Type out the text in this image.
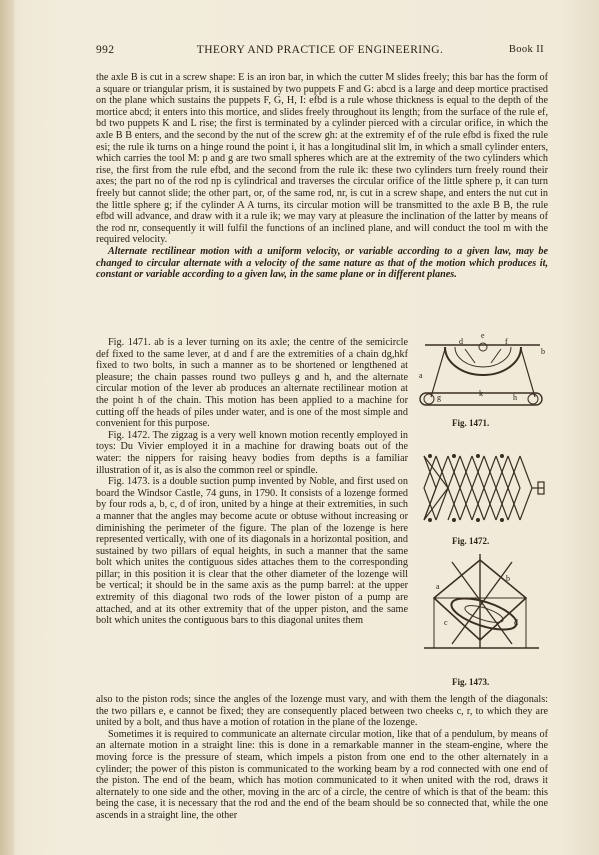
992	THEORY AND PRACTICE OF ENGINEERING.	Book II

the axle B is cut in a screw shape: E is an iron bar, in which the cutter M slides freely; this bar has the form of a square or triangular prism, it is sustained by two puppets F and G: abcd is a large and deep mortice practised on the plane which sustains the puppets F, G, H, I: efbd is a rule whose thickness is equal to the depth of the mortice abcd; it enters into this mortice, and slides freely throughout its length; from the surface of the rule ef, bd two puppets K and L rise; the first is terminated by a cylinder pierced with a circular orifice, in which the axle B B enters, and the second by the nut of the screw gh: at the extremity ef of the rule efbd is fixed the rule esi; the rule ik turns on a hinge round the point i, it has a longitudinal slit lm, in which a small cylinder enters, which carries the tool M: p and g are two small spheres which are at the extremity of the two cylinders which rise, the first from the rule efbd, and the second from the rule ik: these two cylinders turn freely round their axes; the part no of the rod np is cylindrical and traverses the circular orifice of the little sphere p, it can turn freely but cannot slide; the other part, or, of the same rod, nr, is cut in a screw shape, and enters the nut cut in the little sphere g; if the cylinder A A turns, its circular motion will be transmitted to the axle B B, the rule efbd will advance, and draw with it a rule ik; we may vary at pleasure the inclination of the latter by means of the rod nr, consequently it will fulfil the functions of an inclined plane, and will conduct the tool m with the required velocity.

Alternate rectilinear motion with a uniform velocity, or variable according to a given law, may be changed to circular alternate with a velocity of the same nature as that of the motion which produces it, constant or variable according to a given law, in the same plane or in different planes.

Fig. 1471. ab is a lever turning on its axle; the centre of the semicircle def fixed to the same lever, at d and f are the extremities of a chain dg,hkf fixed to two bolts, in such a manner as to be shortened or lengthened at pleasure; the chain passes round two pulleys g and h, and the alternate circular motion of the lever ab produces an alternate rectilinear motion at the point h of the chain. This motion has been applied to a machine for cutting off the heads of piles under water, and is one of the most simple and convenient for this purpose.

Fig. 1472. The zigzag is a very well known motion recently employed in toys: Du Vivier employed it in a machine for drawing boats out of the water: the nippers for raising heavy bodies from depths is a familiar illustration of it, as is also the common reel or spindle.

Fig. 1473. is a double suction pump invented by Noble, and first used on board the Windsor Castle, 74 guns, in 1790. It consists of a lozenge formed by four rods a, b, c, d of iron, united by a hinge at their extremities, in such a manner that the angles may become acute or obtuse without increasing or diminishing the perimeter of the figure. The plan of the lozenge is here represented vertically, with one of its diagonals in a horizontal position, and sustained by two pillars of equal heights, in such a manner that the same bolt which unites the contiguous sides attaches them to the corresponding pillar; in this position it is clear that the other diameter of the lozenge will be vertical; it should be in the same axis as the pump barrel: at the upper extremity of this diagonal two rods of the lower piston of a pump are attached, and at its other extremity that of the upper piston, and the same bolt which unites the contiguous bars to this diagonal unites them

also to the piston rods; since the angles of the lozenge must vary, and with them the length of the diagonals: the two pillars e, e cannot be fixed; they are consequently placed between two cheeks c, r, to which they are united by a bolt, and thus have a motion of rotation in the plane of the lozenge.

Sometimes it is required to communicate an alternate circular motion, like that of a pendulum, by means of an alternate motion in a straight line: this is done in a remarkable manner in the steam-engine, where the moving force is the pressure of steam, which impels a piston from one end to the other alternately in a cylinder; the power of this piston is communicated to the working beam by a rod connected with one end of the piston. The end of the beam, which has motion communicated to it when united with the rod, draws it alternately to one side and the other, moving in the arc of a circle, the centre of which is that of the beam: this being the case, it is necessary that the rod and the end of the beam should be so connected that, while the one ascends in a straight line, the other

a
d
e
f
b
g	h
k
Fig. 1471.
Fig. 1472.
b
a
d
c
Fig. 1473.
